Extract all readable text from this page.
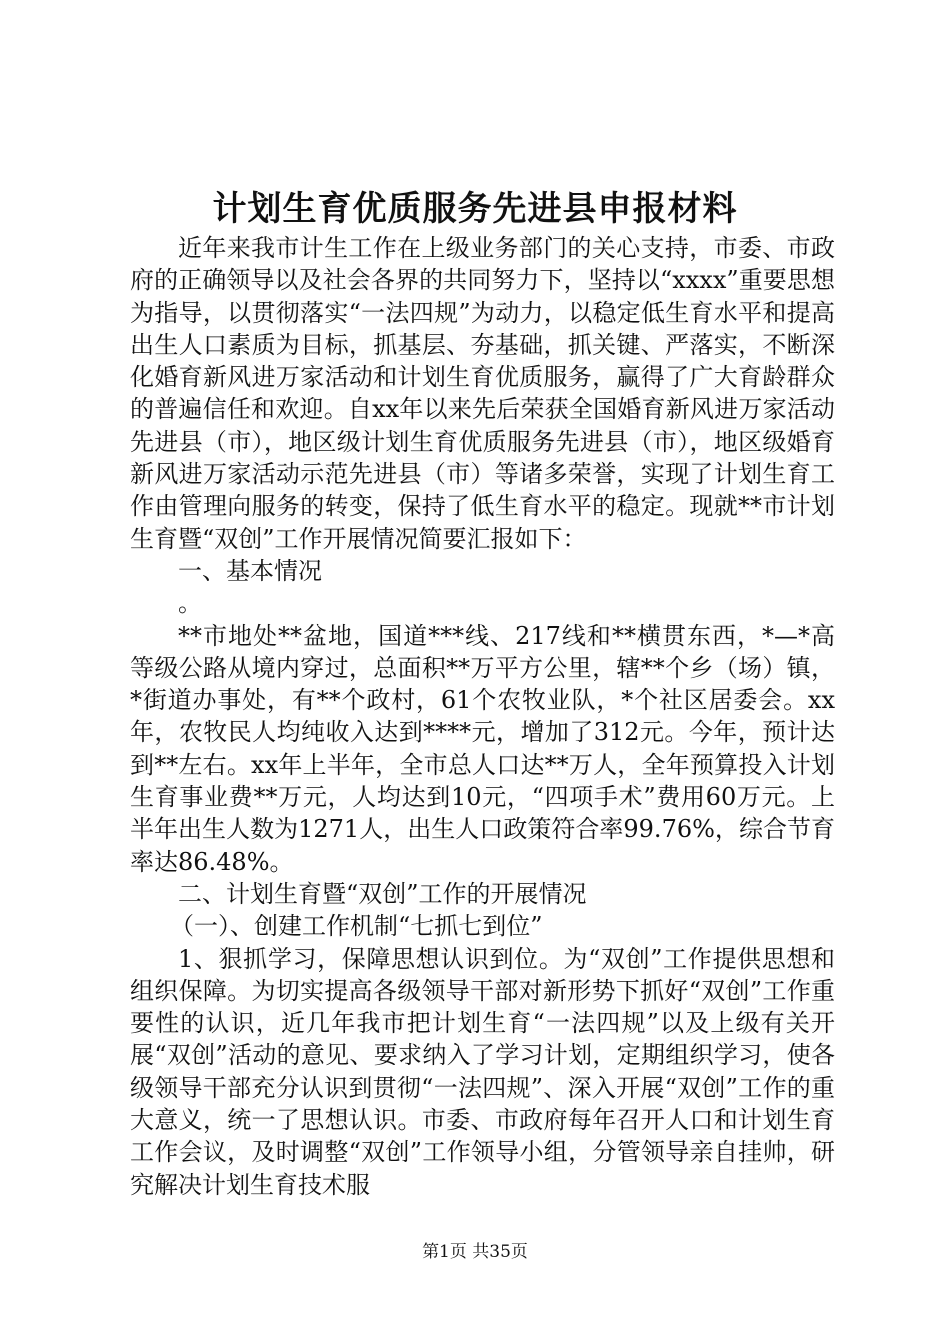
计划生育优质服务先进县申报材料

近年来我市计生工作在上级业务部门的关心支持，市委、市政府的正确领导以及社会各界的共同努力下，坚持以“xxxx”重要思想为指导，以贯彻落实“一法四规”为动力，以稳定低生育水平和提高出生人口素质为目标，抓基层、夯基础，抓关键、严落实，不断深化婚育新风进万家活动和计划生育优质服务，赢得了广大育龄群众的普遍信任和欢迎。自xx年以来先后荣获全国婚育新风进万家活动先进县（市），地区级计划生育优质服务先进县（市），地区级婚育新风进万家活动示范先进县（市）等诸多荣誉，实现了计划生育工作由管理向服务的转变，保持了低生育水平的稳定。现就**市计划生育暨“双创”工作开展情况简要汇报如下：

一、基本情况

。

**市地处**盆地，国道***线、217线和**横贯东西，*—*高等级公路从境内穿过，总面积**万平方公里，辖**个乡（场）镇，*街道办事处，有**个政村，61个农牧业队，*个社区居委会。xx年，农牧民人均纯收入达到****元，增加了312元。今年，预计达到**左右。xx年上半年，全市总人口达**万人，全年预算投入计划生育事业费**万元，人均达到10元，“四项手术”费用60万元。上半年出生人数为1271人，出生人口政策符合率99.76%，综合节育率达86.48%。

二、计划生育暨“双创”工作的开展情况

（一）、创建工作机制“七抓七到位”

1、狠抓学习，保障思想认识到位。为“双创”工作提供思想和组织保障。为切实提高各级领导干部对新形势下抓好“双创”工作重要性的认识，近几年我市把计划生育“一法四规”以及上级有关开展“双创”活动的意见、要求纳入了学习计划，定期组织学习，使各级领导干部充分认识到贯彻“一法四规”、深入开展“双创”工作的重大意义，统一了思想认识。市委、市政府每年召开人口和计划生育工作会议，及时调整“双创”工作领导小组，分管领导亲自挂帅，研究解决计划生育技术服

第1页 共35页
